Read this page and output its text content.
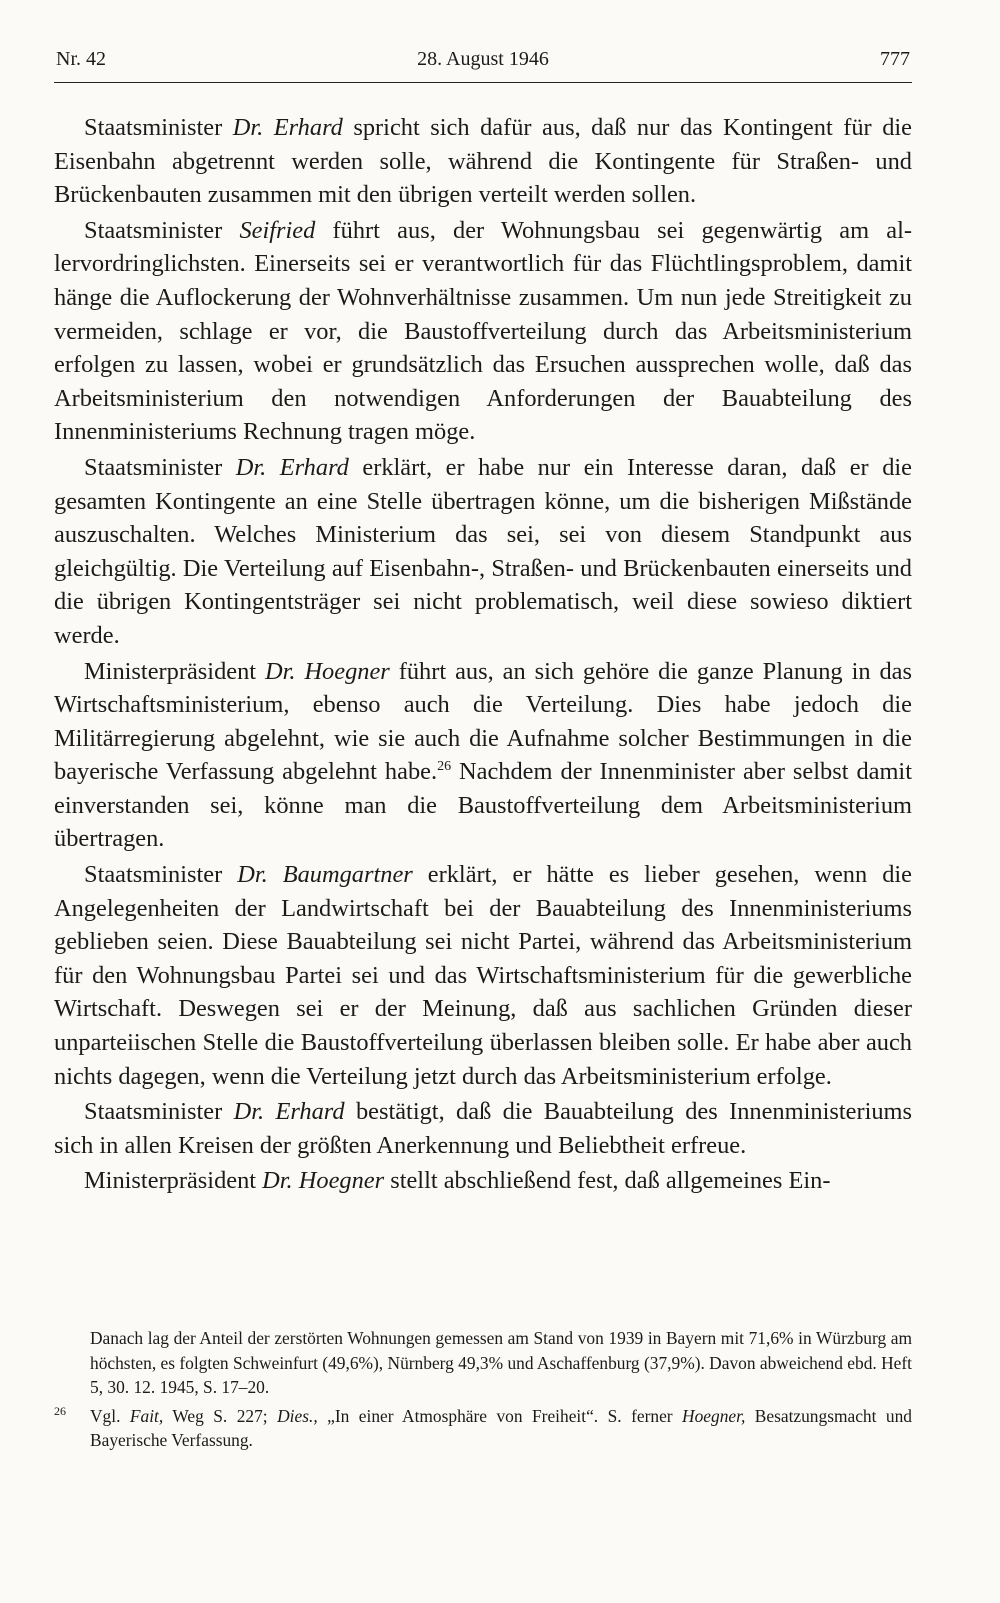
Nr. 42	28. August 1946	777

Staatsminister Dr. Erhard spricht sich dafür aus, daß nur das Kontingent für die Eisenbahn abgetrennt werden solle, während die Kontingente für Straßen- und Brückenbauten zusammen mit den übrigen verteilt werden sollen.

Staatsminister Seifried führt aus, der Wohnungsbau sei gegenwärtig am allervordringlichsten. Einerseits sei er verantwortlich für das Flüchtlingsproblem, damit hänge die Auflockerung der Wohnverhältnisse zusammen. Um nun jede Streitigkeit zu vermeiden, schlage er vor, die Baustoffverteilung durch das Arbeitsministerium erfolgen zu lassen, wobei er grundsätzlich das Ersuchen aussprechen wolle, daß das Arbeitsministerium den notwendigen Anforderungen der Bauabteilung des Innenministeriums Rechnung tragen möge.

Staatsminister Dr. Erhard erklärt, er habe nur ein Interesse daran, daß er die gesamten Kontingente an eine Stelle übertragen könne, um die bisherigen Mißstände auszuschalten. Welches Ministerium das sei, sei von diesem Standpunkt aus gleichgültig. Die Verteilung auf Eisenbahn-, Straßen- und Brückenbauten einerseits und die übrigen Kontingentsträger sei nicht problematisch, weil diese sowieso diktiert werde.

Ministerpräsident Dr. Hoegner führt aus, an sich gehöre die ganze Planung in das Wirtschaftsministerium, ebenso auch die Verteilung. Dies habe jedoch die Militärregierung abgelehnt, wie sie auch die Aufnahme solcher Bestimmungen in die bayerische Verfassung abgelehnt habe.$^{26}$ Nachdem der Innenminister aber selbst damit einverstanden sei, könne man die Baustoffverteilung dem Arbeitsministerium übertragen.

Staatsminister Dr. Baumgartner erklärt, er hätte es lieber gesehen, wenn die Angelegenheiten der Landwirtschaft bei der Bauabteilung des Innenministeriums geblieben seien. Diese Bauabteilung sei nicht Partei, während das Arbeitsministerium für den Wohnungsbau Partei sei und das Wirtschaftsministerium für die gewerbliche Wirtschaft. Deswegen sei er der Meinung, daß aus sachlichen Gründen dieser unparteiischen Stelle die Baustoffverteilung überlassen bleiben solle. Er habe aber auch nichts dagegen, wenn die Verteilung jetzt durch das Arbeitsministerium erfolge.

Staatsminister Dr. Erhard bestätigt, daß die Bauabteilung des Innenministeriums sich in allen Kreisen der größten Anerkennung und Beliebtheit erfreue.

Ministerpräsident Dr. Hoegner stellt abschließend fest, daß allgemeines Ein-

Danach lag der Anteil der zerstörten Wohnungen gemessen am Stand von 1939 in Bayern mit 71,6% in Würzburg am höchsten, es folgten Schweinfurt (49,6%), Nürnberg 49,3% und Aschaffenburg (37,9%). Davon abweichend ebd. Heft 5, 30. 12. 1945, S. 17–20.

26 Vgl. Fait, Weg S. 227; Dies., „In einer Atmosphäre von Freiheit“. S. ferner Hoegner, Besatzungsmacht und Bayerische Verfassung.
